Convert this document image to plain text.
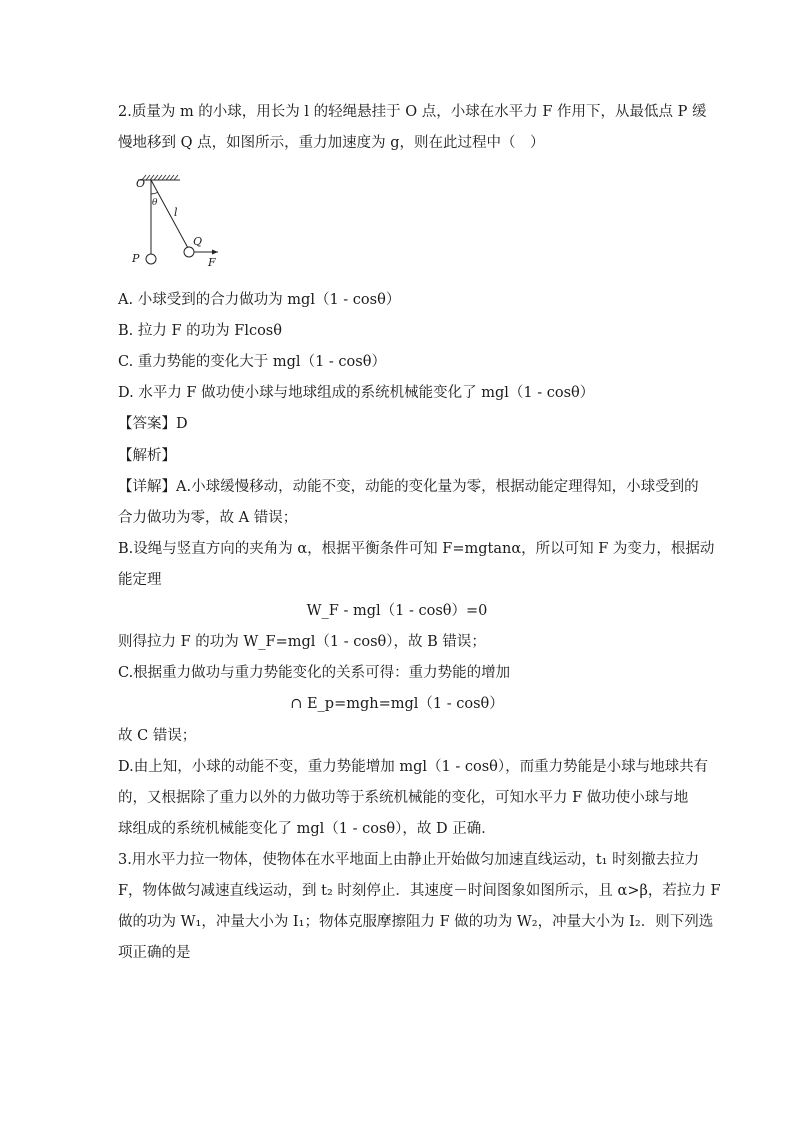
2.质量为 m 的小球，用长为 l 的轻绳悬挂于 O 点，小球在水平力 F 作用下，从最低点 P 缓
慢地移到 Q 点，如图所示，重力加速度为 g，则在此过程中（　）
O
θ
l
Q
P	F
A. 小球受到的合力做功为 mgl（1 - cosθ）
B. 拉力 F 的功为 Flcosθ
C. 重力势能的变化大于 mgl（1 - cosθ）
D. 水平力 F 做功使小球与地球组成的系统机械能变化了 mgl（1 - cosθ）
【答案】D
【解析】
【详解】A.小球缓慢移动，动能不变，动能的变化量为零，根据动能定理得知，小球受到的
合力做功为零，故 A 错误；
B.设绳与竖直方向的夹角为 α，根据平衡条件可知 F=mgtanα，所以可知 F 为变力，根据动
能定理
W_F - mgl（1 - cosθ）=0
则得拉力 F 的功为 W_F=mgl（1 - cosθ），故 B 错误；
C.根据重力做功与重力势能变化的关系可得：重力势能的增加
∩ E_p=mgh=mgl（1 - cosθ）
故 C 错误；
D.由上知，小球的动能不变，重力势能增加 mgl（1 - cosθ），而重力势能是小球与地球共有
的，又根据除了重力以外的力做功等于系统机械能的变化，可知水平力 F 做功使小球与地
球组成的系统机械能变化了 mgl（1 - cosθ），故 D 正确．
3.用水平力拉一物体，使物体在水平地面上由静止开始做匀加速直线运动，t₁ 时刻撤去拉力
F，物体做匀减速直线运动，到 t₂ 时刻停止．其速度－时间图象如图所示，且 α>β，若拉力 F
做的功为 W₁，冲量大小为 I₁；物体克服摩擦阻力 F 做的功为 W₂，冲量大小为 I₂．则下列选
项正确的是
